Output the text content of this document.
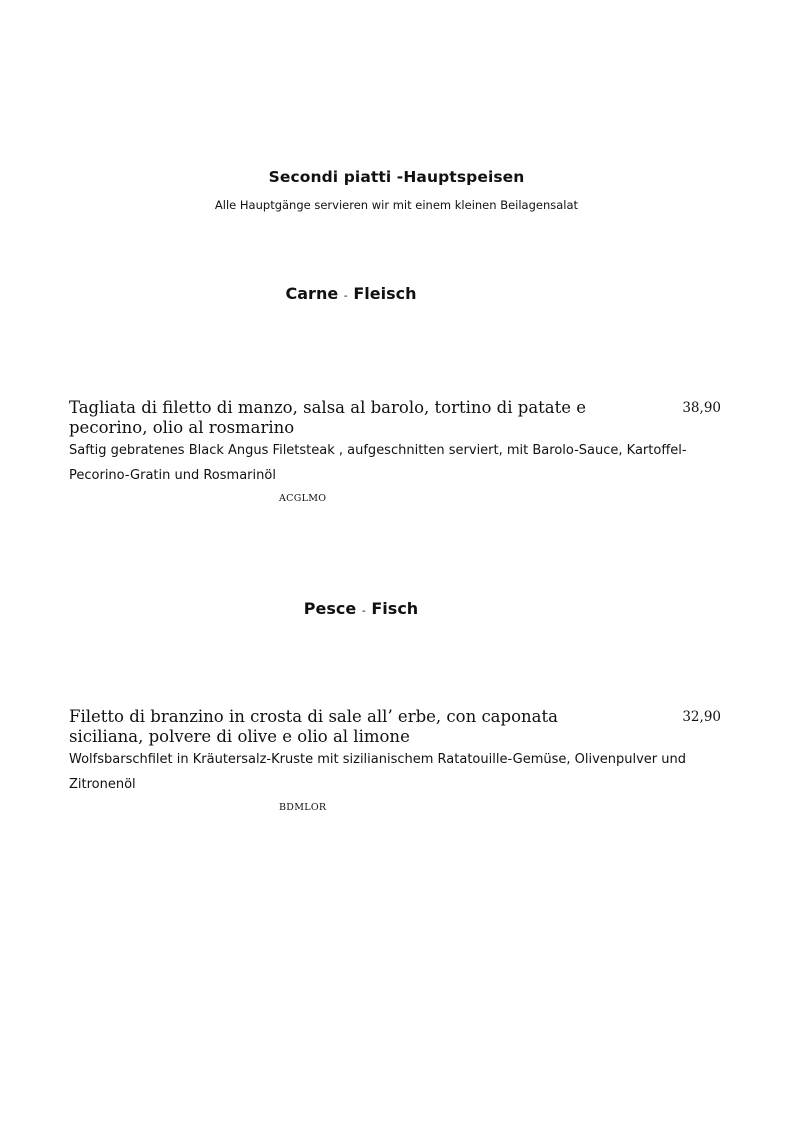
Secondi piatti -Hauptspeisen
Alle Hauptgänge servieren wir mit einem kleinen Beilagensalat
Carne - Fleisch

Tagliata di filetto di manzo, salsa al barolo, tortino di patate e pecorino, olio al rosmarino

38,90
Saftig gebratenes Black Angus Filetsteak , aufgeschnitten serviert, mit Barolo-Sauce, Kartoffel-Pecorino-Gratin und Rosmarinöl
ACGLMO
Pesce - Fisch

Filetto di branzino in crosta di sale all’ erbe, con caponata siciliana, polvere di olive e olio al limone

32,90
Wolfsbarschfilet in Kräutersalz-Kruste mit sizilianischem Ratatouille-Gemüse, Olivenpulver und Zitronenöl
BDMLOR
